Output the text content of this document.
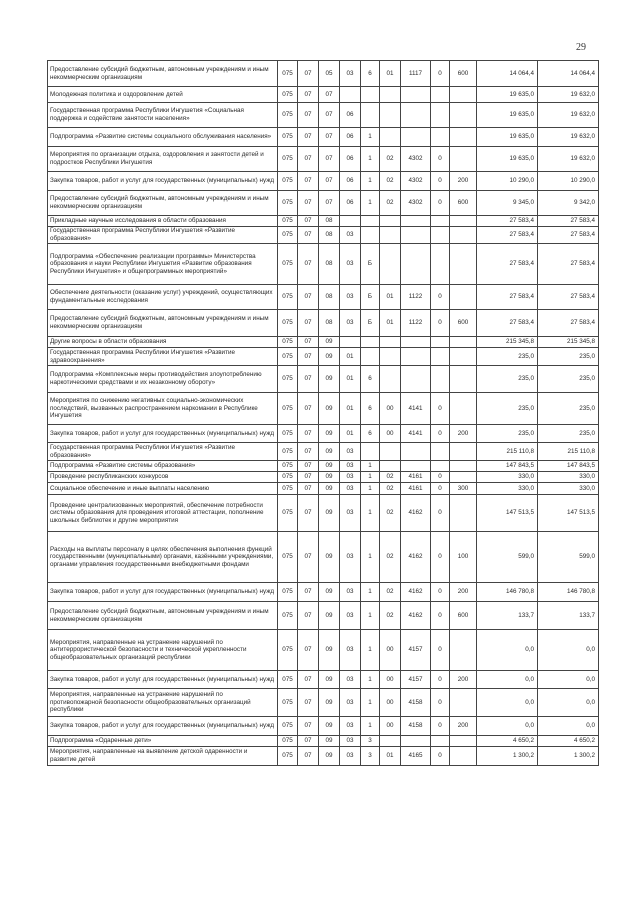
29
Предоставление субсидий бюджетным, автономным учреждениям и иным некоммерческим организациям	075	07	05	03	6	01	1117	0	600	14 064,4	14 064,4
Молодежная политика и оздоровление детей	075	07	07							19 635,0	19 632,0
Государственная программа Республики Ингушетия «Социальная поддержка и содействие занятости населения»	075	07	07	06						19 635,0	19 632,0
Подпрограмма «Развитие системы социального обслуживания населения»	075	07	07	06	1					19 635,0	19 632,0
Мероприятия по организации отдыха, оздоровления и занятости детей и подростков Республики Ингушетия	075	07	07	06	1	02	4302	0		19 635,0	19 632,0
Закупка товаров, работ и услуг для государственных (муниципальных) нужд	075	07	07	06	1	02	4302	0	200	10 290,0	10 290,0
Предоставление субсидий бюджетным, автономным учреждениям и иным некоммерческим организациям	075	07	07	06	1	02	4302	0	600	9 345,0	9 342,0
Прикладные научные исследования в области образования	075	07	08							27 583,4	27 583,4
Государственная программа Республики Ингушетия «Развитие образования»	075	07	08	03						27 583,4	27 583,4
Подпрограмма «Обеспечение реализации программы» Министерства образования и науки Республики Ингушетия «Развитие образования Республики Ингушетия» и общепрограммных мероприятий»	075	07	08	03	Б					27 583,4	27 583,4
Обеспечение деятельности (оказание услуг) учреждений, осуществляющих фундаментальные исследования	075	07	08	03	Б	01	1122	0		27 583,4	27 583,4
Предоставление субсидий бюджетным, автономным учреждениям и иным некоммерческим организациям	075	07	08	03	Б	01	1122	0	600	27 583,4	27 583,4
Другие вопросы в области образования	075	07	09							215 345,8	215 345,8
Государственная программа Республики Ингушетия «Развитие здравоохранения»	075	07	09	01						235,0	235,0
Подпрограмма «Комплексные меры противодействия злоупотреблению наркотическими средствами и их незаконному обороту»	075	07	09	01	6					235,0	235,0
Мероприятия по снижению негативных социально-экономических последствий, вызванных распространением наркомании в Республике Ингушетия	075	07	09	01	6	00	4141	0		235,0	235,0
Закупка товаров, работ и услуг для государственных (муниципальных) нужд	075	07	09	01	6	00	4141	0	200	235,0	235,0
Государственная программа Республики Ингушетия «Развитие образования»	075	07	09	03						215 110,8	215 110,8
Подпрограмма «Развитие системы образования»	075	07	09	03	1					147 843,5	147 843,5
Проведение республиканских конкурсов	075	07	09	03	1	02	4161	0		330,0	330,0
Социальное обеспечение и иные выплаты населению	075	07	09	03	1	02	4161	0	300	330,0	330,0
Проведение централизованных мероприятий, обеспечение потребности системы образования для проведения итоговой аттестации, пополнение школьных библиотек и другие мероприятия	075	07	09	03	1	02	4162	0		147 513,5	147 513,5
Расходы на выплаты персоналу в целях обеспечения выполнения функций государственными (муниципальными) органами, казёнными учреждениями, органами управления государственными внебюджетными фондами	075	07	09	03	1	02	4162	0	100	599,0	599,0
Закупка товаров, работ и услуг для государственных (муниципальных) нужд	075	07	09	03	1	02	4162	0	200	146 780,8	146 780,8
Предоставление субсидий бюджетным, автономным учреждениям и иным некоммерческим организациям	075	07	09	03	1	02	4162	0	600	133,7	133,7
Мероприятия, направленные на устранение нарушений по антитеррористической безопасности и технической укрепленности общеобразовательных организаций республики	075	07	09	03	1	00	4157	0		0,0	0,0
Закупка товаров, работ и услуг для государственных (муниципальных) нужд	075	07	09	03	1	00	4157	0	200	0,0	0,0
Мероприятия, направленные на устранение нарушений по противопожарной безопасности общеобразовательных организаций республики	075	07	09	03	1	00	4158	0		0,0	0,0
Закупка товаров, работ и услуг для государственных (муниципальных) нужд	075	07	09	03	1	00	4158	0	200	0,0	0,0
Подпрограмма «Одаренные дети»	075	07	09	03	3					4 650,2	4 650,2
Мероприятия, направленные на выявление детской одаренности и развитие детей	075	07	09	03	3	01	4165	0		1 300,2	1 300,2
